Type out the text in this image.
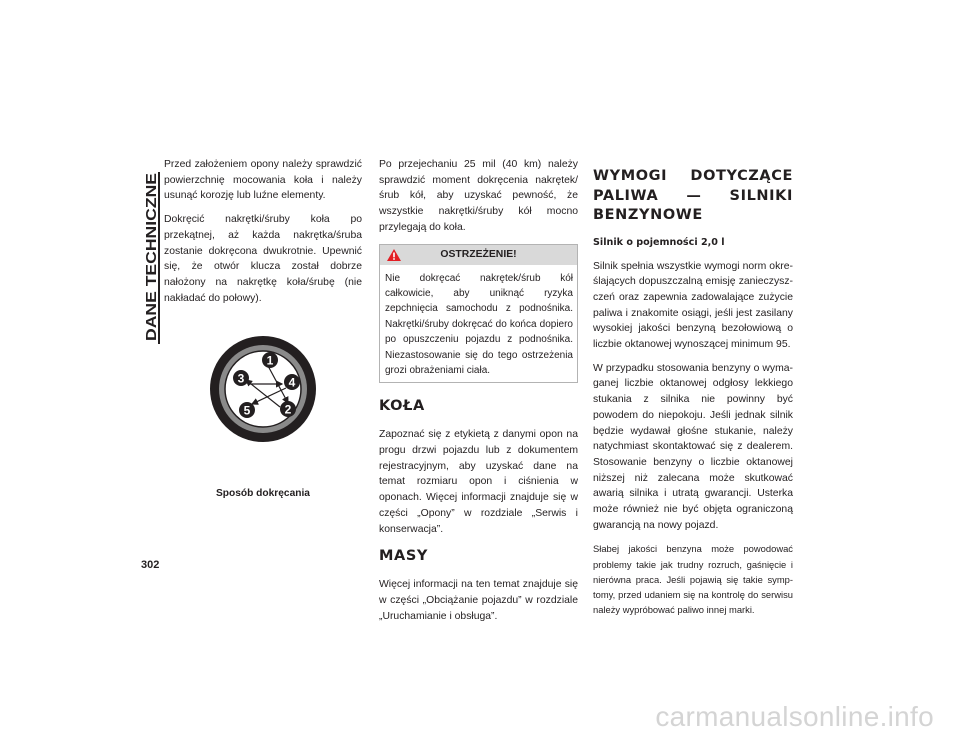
DANE TECHNICZNE

Przed założeniem opony należy sprawdzić powierzchnię mocowania koła i należy usunąć korozję lub luźne elementy.

Dokręcić nakrętki/śruby koła po przekątnej, aż każda nakrętka/śruba zostanie dokręcona dwukrotnie. Upewnić się, że otwór klucza został dobrze nałożony na nakrętkę koła/śrubę (nie nakładać do połowy).

1
2
3	4
5
Sposób dokręcania

Po przejechaniu 25 mil (40 km) należy sprawdzić moment dokręcenia nakrętek/śrub kół, aby uzyskać pewność, że wszystkie nakrętki/śruby kół mocno przylegają do koła.

OSTRZEŻENIE!
Nie dokręcać nakrętek/śrub kół całkowicie, aby uniknąć ryzyka zepchnięcia samochodu z podnośnika. Nakrętki/śruby dokręcać do końca dopiero po opuszczeniu pojazdu z podnośnika. Niezastosowanie się do tego ostrzeżenia grozi obrażeniami ciała.
KOŁA

Zapoznać się z etykietą z danymi opon na progu drzwi pojazdu lub z dokumentem rejestracyjnym, aby uzyskać dane na temat rozmiaru opon i ciśnienia w oponach. Więcej informacji znajduje się w części „Opony” w rozdziale „Serwis i konserwacja”.

MASY

Więcej informacji na ten temat znajduje się w części „Obciążanie pojazdu” w rozdziale „Uruchamianie i obsługa”.

WYMOGI DOTYCZĄCE PALIWA — SILNIKI BENZYNOWE
Silnik o pojemności 2,0 l

Silnik spełnia wszystkie wymogi norm określających dopuszczalną emisję zanieczyszczeń oraz zapewnia zadowalające zużycie paliwa i znakomite osiągi, jeśli jest zasilany wysokiej jakości benzyną bezołowiową o liczbie oktanowej wynoszącej minimum 95.

W przypadku stosowania benzyny o wymaganej liczbie oktanowej odgłosy lekkiego stukania z silnika nie powinny być powodem do niepokoju. Jeśli jednak silnik będzie wydawał głośne stukanie, należy natychmiast skontaktować się z dealerem. Stosowanie benzyny o liczbie oktanowej niższej niż zalecana może skutkować awarią silnika i utratą gwarancji. Usterka może również nie być objęta ograniczoną gwarancją na nowy pojazd.

Słabej jakości benzyna może powodować problemy takie jak trudny rozruch, gaśnięcie i nierówna praca. Jeśli pojawią się takie symptomy, przed udaniem się na kontrolę do serwisu należy wypróbować paliwo innej marki.

302
carmanualsonline.info
